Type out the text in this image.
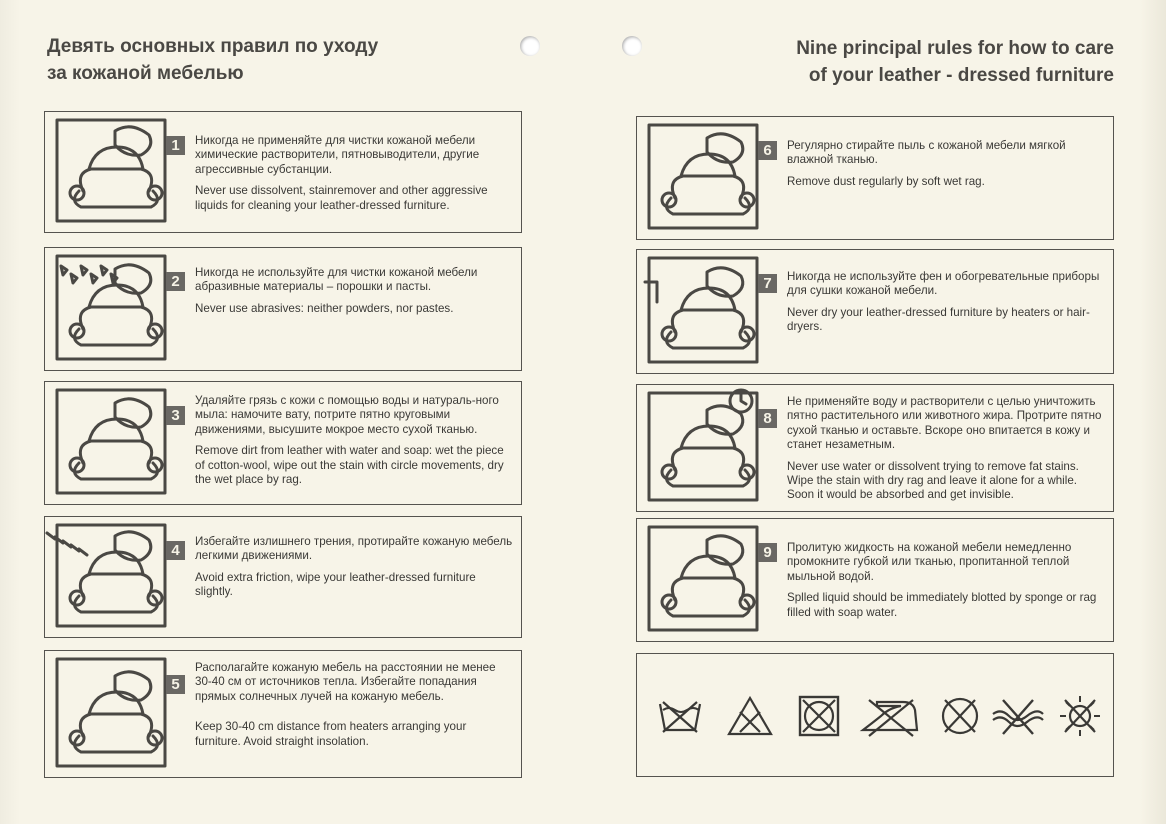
Девять основных правил по уходу
за кожаной мебелью
Nine principal rules for how to care
of your leather - dressed furniture
1	Никогда не применяйте для чистки кожаной мебели химические растворители, пятновыводители, другие агрессивные субстанции.

Never use dissolvent, stainremover and other aggressive liquids for cleaning your leather-dressed furniture.

2

Никогда не используйте для чистки кожаной мебели абразивные материалы – порошки и пасты.

Never use abrasives: neither powders, nor pastes.

3

Удаляйте грязь с кожи с помощью воды и натураль-ного мыла: намочите вату, потрите пятно круговыми движениями, высушите мокрое место сухой тканью.

Remove dirt from leather with water and soap: wet the piece of cotton-wool, wipe out the stain with circle movements, dry the wet place by rag.

4

Избегайте излишнего трения, протирайте кожаную мебель легкими движениями.

Avoid extra friction, wipe your leather-dressed furniture slightly.

5

Располагайте кожаную мебель на расстоянии не менее 30-40 см от источников тепла. Избегайте попадания прямых солнечных лучей на кожаную мебель.

Keep 30-40 cm distance from heaters arranging your furniture. Avoid straight insolation.

6	Регулярно стирайте пыль с кожаной мебели мягкой влажной тканью.

Remove dust regularly by soft wet rag.

7	Никогда не используйте фен и обогревательные приборы для сушки кожаной мебели.

Never dry your leather-dressed furniture by heaters or hair-dryers.

8

Не применяйте воду и растворители с целью уничтожить пятно растительного или животного жира. Протрите пятно сухой тканью и оставьте. Вскоре оно впитается в кожу и станет незаметным.

Never use water or dissolvent trying to remove fat stains. Wipe the stain with dry rag and leave it alone for a while. Soon it would be absorbed and get invisible.

9	Пролитую жидкость на кожаной мебели немедленно промокните губкой или тканью, пропитанной теплой мыльной водой.

Splled liquid should be immediately blotted by sponge or rag filled with soap water.
